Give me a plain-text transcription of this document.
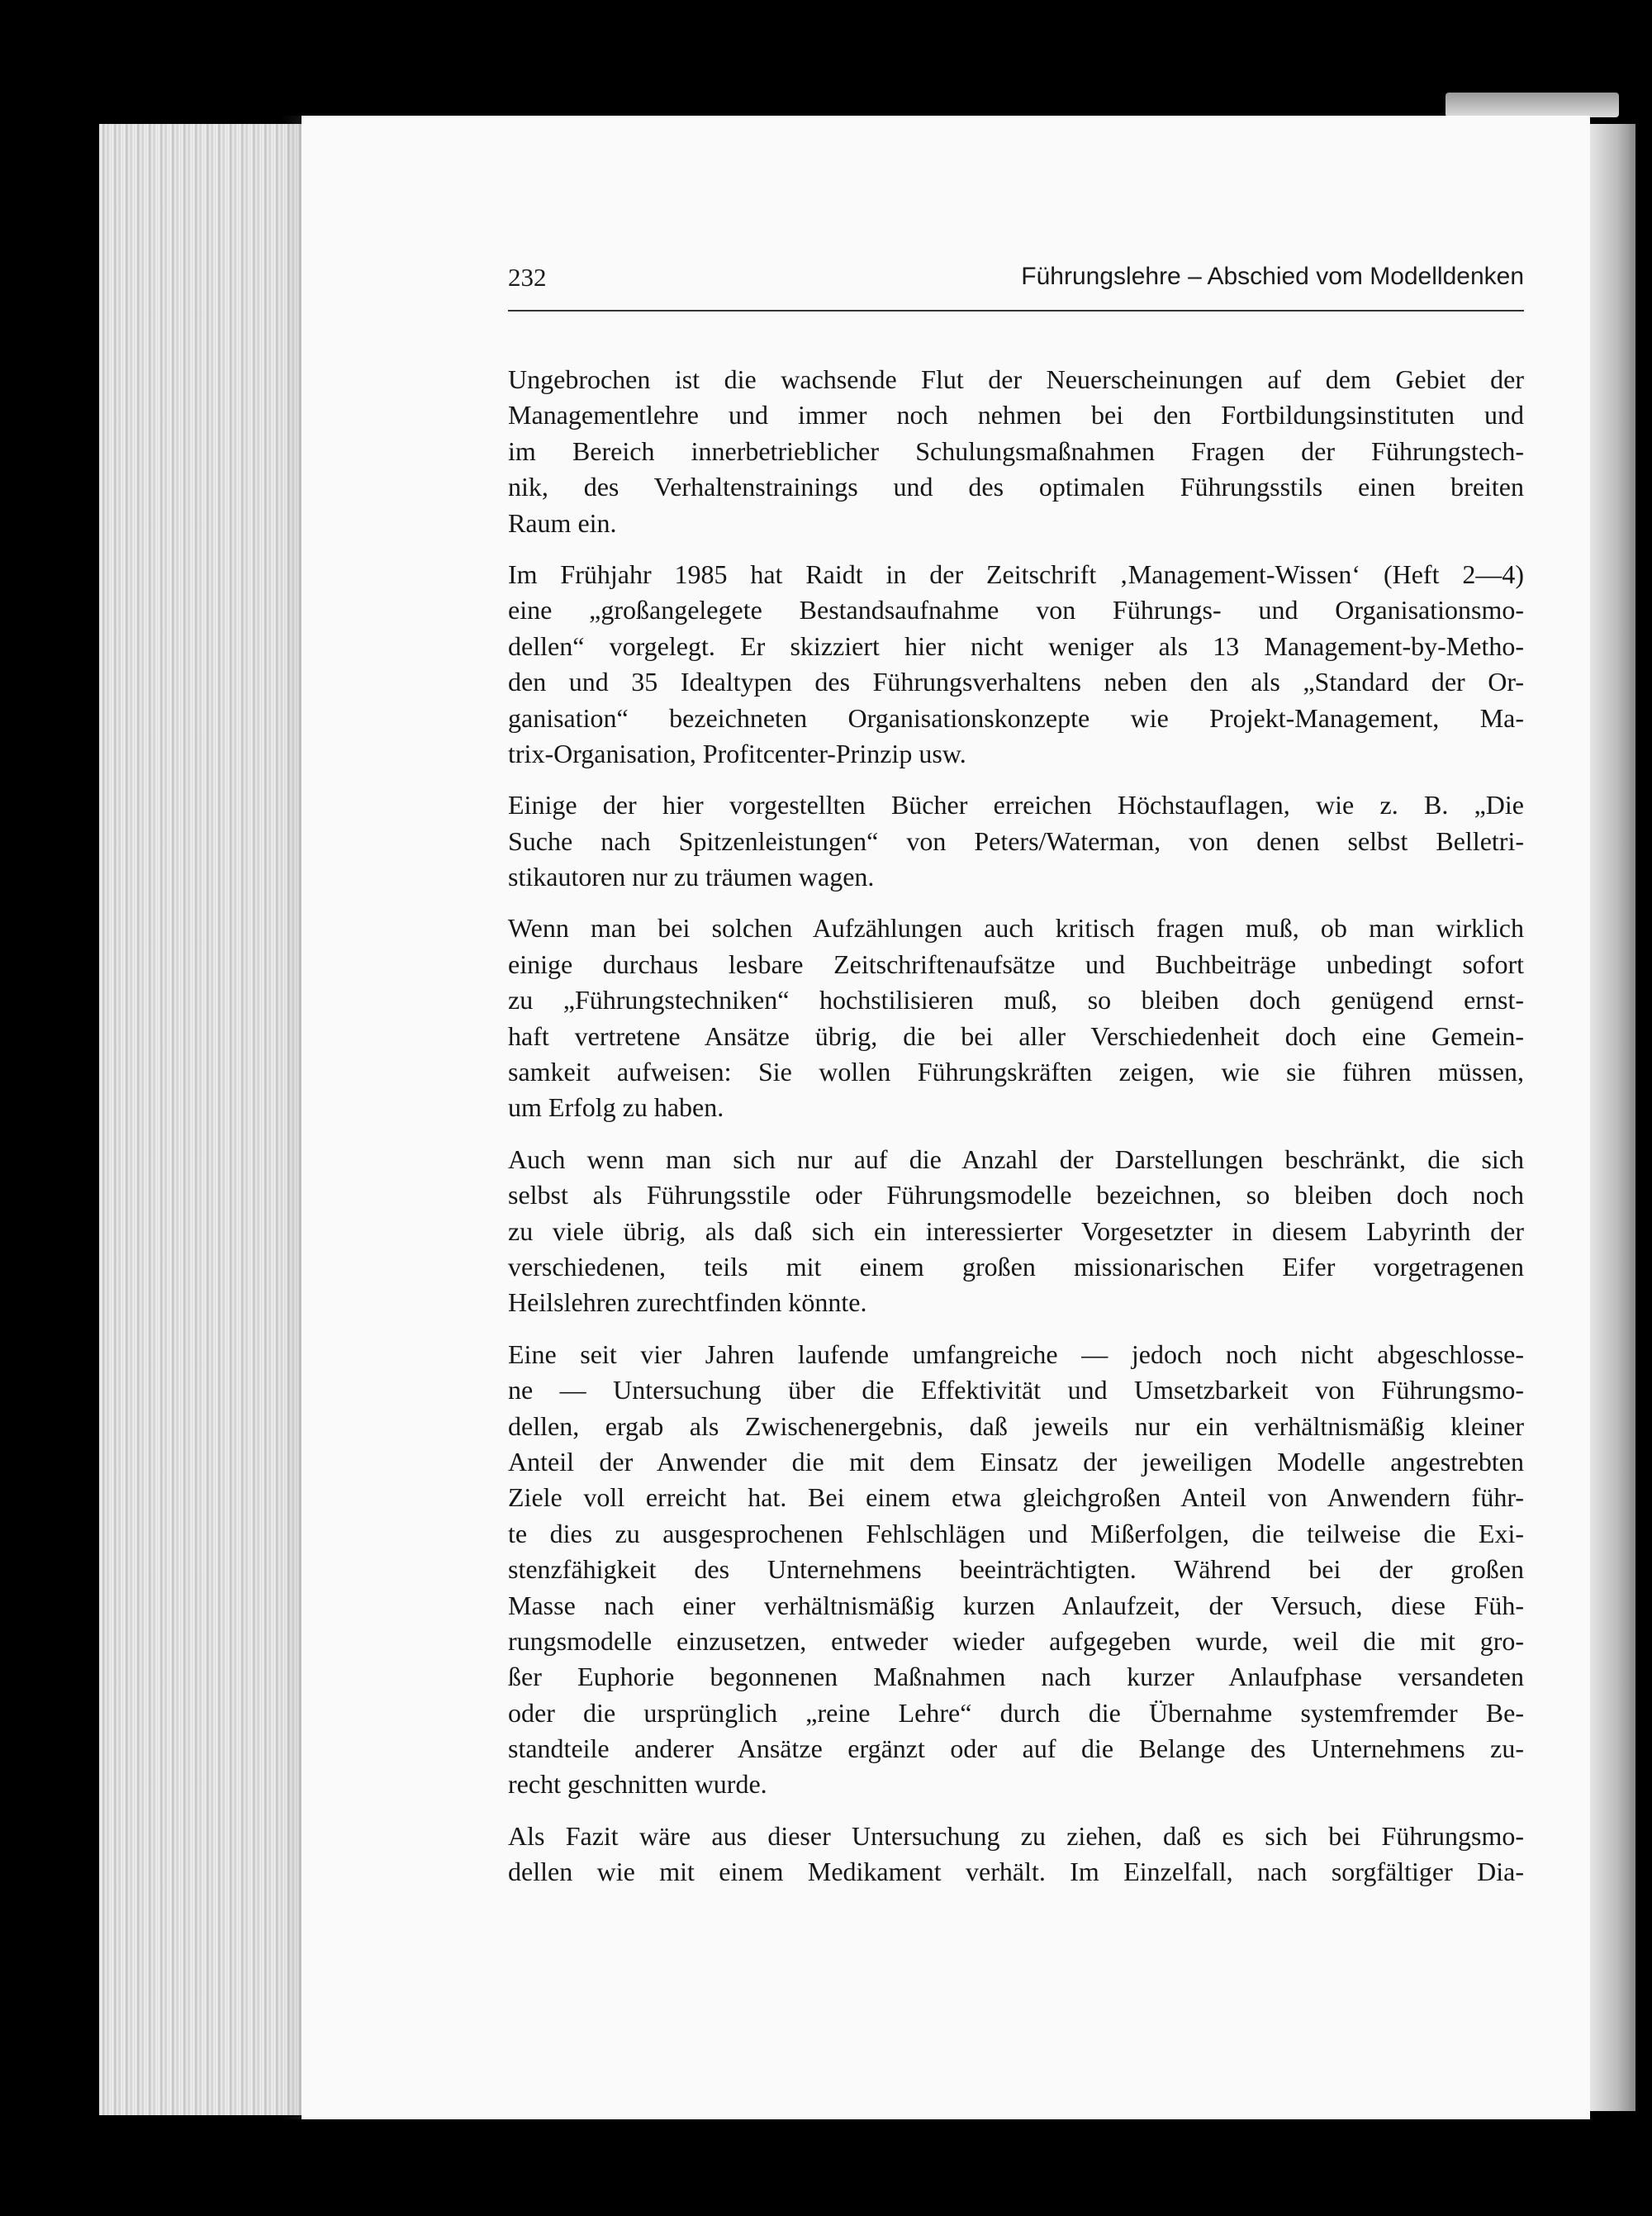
232	Führungslehre – Abschied vom Modelldenken
Ungebrochen ist die wachsende Flut der Neuerscheinungen auf dem Gebiet der
Managementlehre und immer noch nehmen bei den Fortbildungsinstituten und
im Bereich innerbetrieblicher Schulungsmaßnahmen Fragen der Führungstech-
nik, des Verhaltenstrainings und des optimalen Führungsstils einen breiten
Raum ein.
Im Frühjahr 1985 hat Raidt in der Zeitschrift ‚Management-Wissen‘ (Heft 2—4)
eine „großangelegete Bestandsaufnahme von Führungs- und Organisationsmo-
dellen“ vorgelegt. Er skizziert hier nicht weniger als 13 Management-by-Metho-
den und 35 Idealtypen des Führungsverhaltens neben den als „Standard der Or-
ganisation“ bezeichneten Organisationskonzepte wie Projekt-Management, Ma-
trix-Organisation, Profitcenter-Prinzip usw.
Einige der hier vorgestellten Bücher erreichen Höchstauflagen, wie z. B. „Die
Suche nach Spitzenleistungen“ von Peters/Waterman, von denen selbst Belletri-
stikautoren nur zu träumen wagen.
Wenn man bei solchen Aufzählungen auch kritisch fragen muß, ob man wirklich
einige durchaus lesbare Zeitschriftenaufsätze und Buchbeiträge unbedingt sofort
zu „Führungstechniken“ hochstilisieren muß, so bleiben doch genügend ernst-
haft vertretene Ansätze übrig, die bei aller Verschiedenheit doch eine Gemein-
samkeit aufweisen: Sie wollen Führungskräften zeigen, wie sie führen müssen,
um Erfolg zu haben.
Auch wenn man sich nur auf die Anzahl der Darstellungen beschränkt, die sich
selbst als Führungsstile oder Führungsmodelle bezeichnen, so bleiben doch noch
zu viele übrig, als daß sich ein interessierter Vorgesetzter in diesem Labyrinth der
verschiedenen, teils mit einem großen missionarischen Eifer vorgetragenen
Heilslehren zurechtfinden könnte.
Eine seit vier Jahren laufende umfangreiche — jedoch noch nicht abgeschlosse-
ne — Untersuchung über die Effektivität und Umsetzbarkeit von Führungsmo-
dellen, ergab als Zwischenergebnis, daß jeweils nur ein verhältnismäßig kleiner
Anteil der Anwender die mit dem Einsatz der jeweiligen Modelle angestrebten
Ziele voll erreicht hat. Bei einem etwa gleichgroßen Anteil von Anwendern führ-
te dies zu ausgesprochenen Fehlschlägen und Mißerfolgen, die teilweise die Exi-
stenzfähigkeit des Unternehmens beeinträchtigten. Während bei der großen
Masse nach einer verhältnismäßig kurzen Anlaufzeit, der Versuch, diese Füh-
rungsmodelle einzusetzen, entweder wieder aufgegeben wurde, weil die mit gro-
ßer Euphorie begonnenen Maßnahmen nach kurzer Anlaufphase versandeten
oder die ursprünglich „reine Lehre“ durch die Übernahme systemfremder Be-
standteile anderer Ansätze ergänzt oder auf die Belange des Unternehmens zu-
recht geschnitten wurde.
Als Fazit wäre aus dieser Untersuchung zu ziehen, daß es sich bei Führungsmo-
dellen wie mit einem Medikament verhält. Im Einzelfall, nach sorgfältiger Dia-
